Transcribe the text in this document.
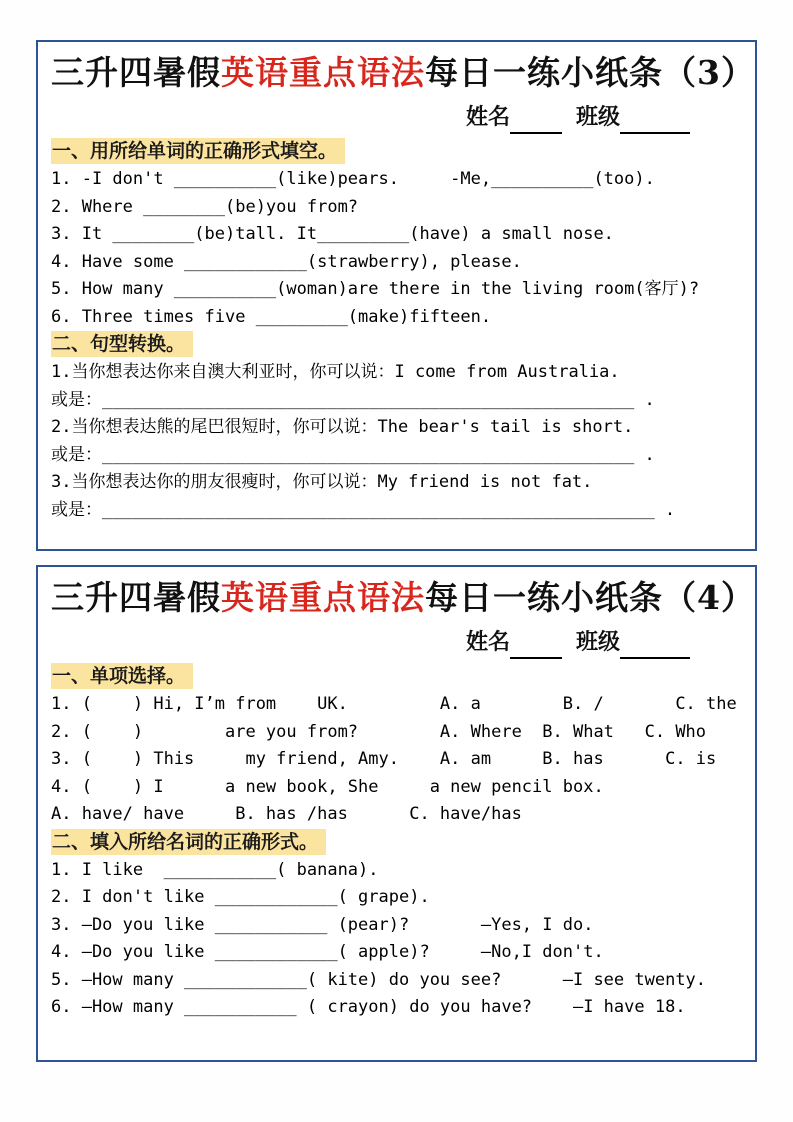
三升四暑假英语重点语法每日一练小纸条（3）
姓名	班级
一、用所给单词的正确形式填空。
1. -I don't __________(like)pears.     -Me,__________(too).
2. Where ________(be)you from?
3. It ________(be)tall. It_________(have) a small nose.
4. Have some ____________(strawberry), please.
5. How many __________(woman)are there in the living room(客厅)?
6. Three times five _________(make)fifteen.
二、句型转换。
1.当你想表达你来自澳大利亚时，你可以说：I come from Australia.
或是：____________________________________________________ .
2.当你想表达熊的尾巴很短时，你可以说：The bear's tail is short.
或是：____________________________________________________ .
3.当你想表达你的朋友很瘦时，你可以说：My friend is not fat.
或是：______________________________________________________ .
三升四暑假英语重点语法每日一练小纸条（4）
姓名	班级
一、单项选择。
1. (    ) Hi, I’m from    UK.         A. a        B. /       C. the
2. (    )        are you from?        A. Where  B. What   C. Who
3. (    ) This     my friend, Amy.    A. am     B. has      C. is
4. (    ) I      a new book, She     a new pencil box.
A. have/ have     B. has /has      C. have/has
二、填入所给名词的正确形式。
1. I like  ___________( banana).
2. I don't like ____________( grape).
3. —Do you like ___________ (pear)?       —Yes, I do.
4. —Do you like ____________( apple)?     —No,I don't.
5. —How many ____________( kite) do you see?      —I see twenty.
6. —How many ___________ ( crayon) do you have?    —I have 18.
